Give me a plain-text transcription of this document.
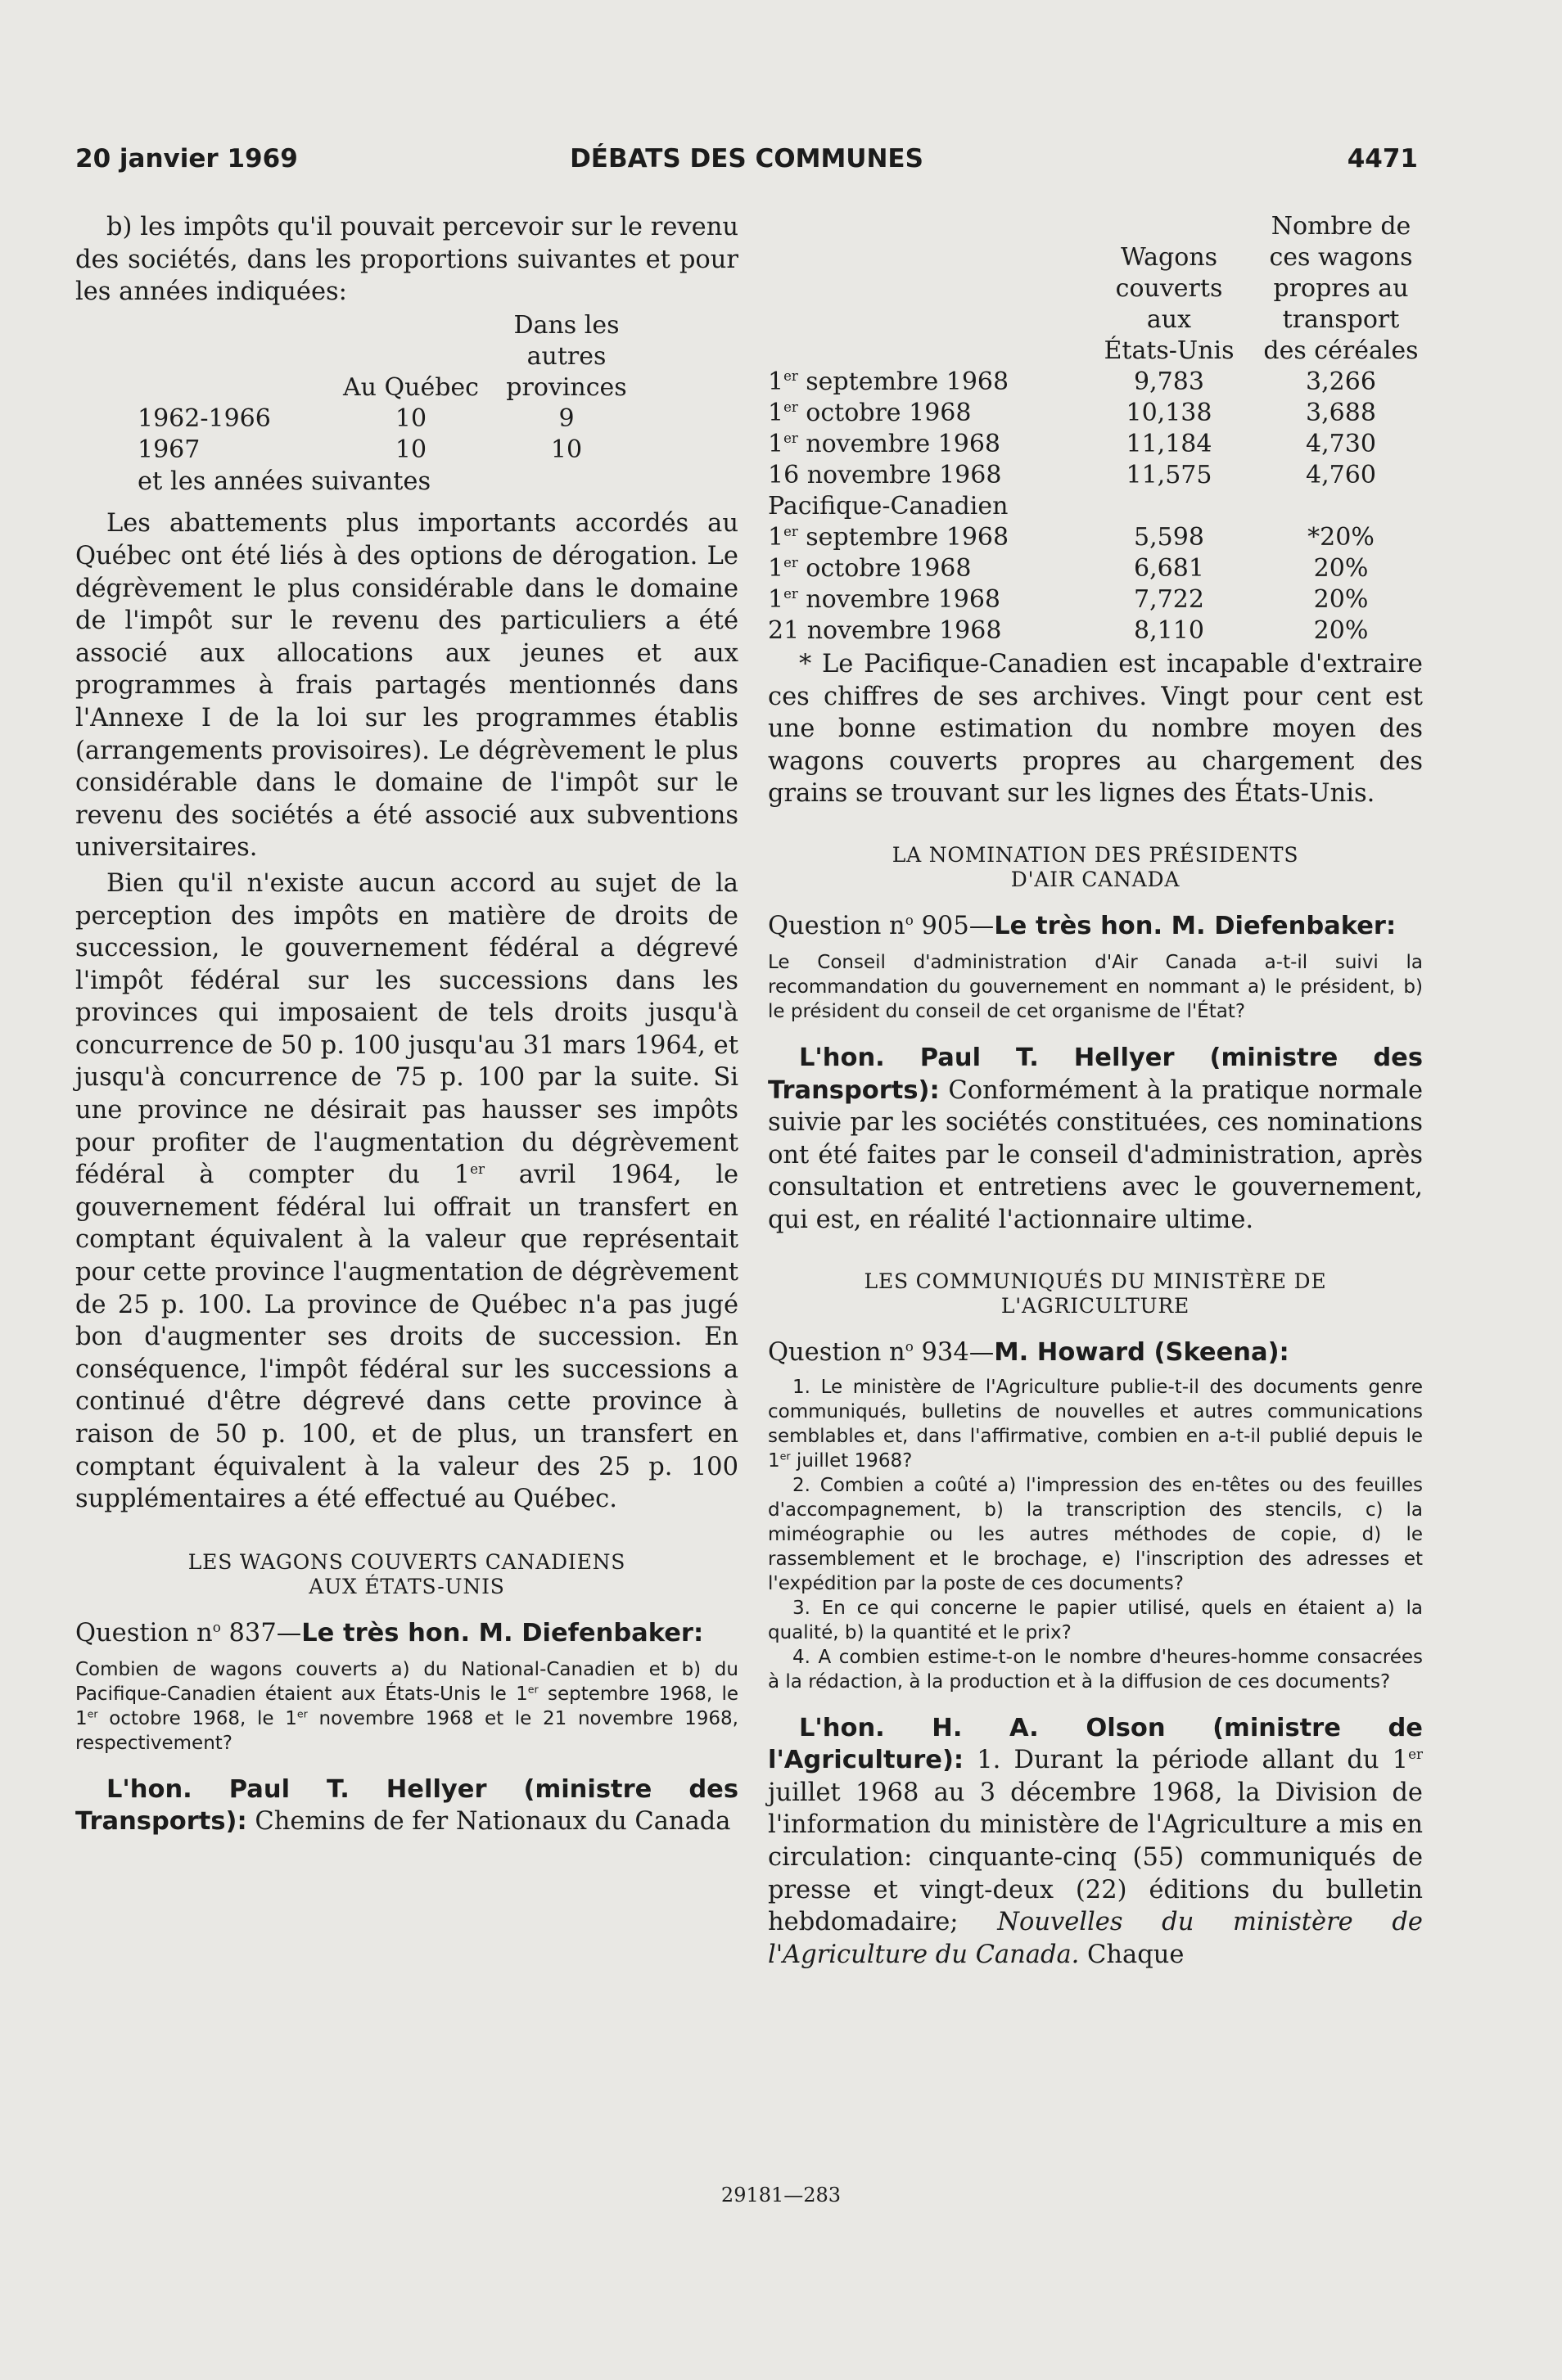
20 janvier 1969	DÉBATS DES COMMUNES	4471

b) les impôts qu'il pouvait percevoir sur le revenu des sociétés, dans les proportions suivantes et pour les années indiquées:

		Dans les
		autres
	Au Québec	provinces
1962-1966	10	9
1967	10	10

et les années suivantes

Les abattements plus importants accordés au Québec ont été liés à des options de dérogation. Le dégrèvement le plus considérable dans le domaine de l'impôt sur le revenu des particuliers a été associé aux allocations aux jeunes et aux programmes à frais partagés mentionnés dans l'Annexe I de la loi sur les programmes établis (arrangements provisoires). Le dégrèvement le plus considérable dans le domaine de l'impôt sur le revenu des sociétés a été associé aux subventions universitaires.

Bien qu'il n'existe aucun accord au sujet de la perception des impôts en matière de droits de succession, le gouvernement fédéral a dégrevé l'impôt fédéral sur les successions dans les provinces qui imposaient de tels droits jusqu'à concurrence de 50 p. 100 jusqu'au 31 mars 1964, et jusqu'à concurrence de 75 p. 100 par la suite. Si une province ne désirait pas hausser ses impôts pour profiter de l'augmentation du dégrèvement fédéral à compter du 1er avril 1964, le gouvernement fédéral lui offrait un transfert en comptant équivalent à la valeur que représentait pour cette province l'augmentation de dégrèvement de 25 p. 100. La province de Québec n'a pas jugé bon d'augmenter ses droits de succession. En conséquence, l'impôt fédéral sur les successions a continué d'être dégrevé dans cette province à raison de 50 p. 100, et de plus, un transfert en comptant équivalent à la valeur des 25 p. 100 supplémentaires a été effectué au Québec.

LES WAGONS COUVERTS CANADIENS

AUX ÉTATS-UNIS

Question $n^o$ 837—Le très hon. M. Diefenbaker:

Combien de wagons couverts a) du National-Canadien et b) du Pacifique-Canadien étaient aux États-Unis le 1er septembre 1968, le 1er octobre 1968, le 1er novembre 1968 et le 21 novembre 1968, respectivement?

L'hon. Paul T. Hellyer (ministre des Transports): Chemins de fer Nationaux du Canada

		Nombre de
	Wagons	ces wagons
	couverts	propres au
	aux	transport
	États-Unis	des céréales
1er septembre 1968	9,783	3,266
1er octobre 1968	10,138	3,688
1er novembre 1968	11,184	4,730
16 novembre 1968	11,575	4,760
Pacifique-Canadien		
1er septembre 1968	5,598	*20%
1er octobre 1968	6,681	20%
1er novembre 1968	7,722	20%
21 novembre 1968	8,110	20%

* Le Pacifique-Canadien est incapable d'extraire ces chiffres de ses archives. Vingt pour cent est une bonne estimation du nombre moyen des wagons couverts propres au chargement des grains se trouvant sur les lignes des États-Unis.

LA NOMINATION DES PRÉSIDENTS

D'AIR CANADA

Question $n^o$ 905—Le très hon. M. Diefenbaker:

Le Conseil d'administration d'Air Canada a-t-il suivi la recommandation du gouvernement en nommant a) le président, b) le président du conseil de cet organisme de l'État?

L'hon. Paul T. Hellyer (ministre des Transports): Conformément à la pratique normale suivie par les sociétés constituées, ces nominations ont été faites par le conseil d'administration, après consultation et entretiens avec le gouvernement, qui est, en réalité l'actionnaire ultime.

LES COMMUNIQUÉS DU MINISTÈRE DE

L'AGRICULTURE

Question $n^o$ 934—M. Howard (Skeena):

1. Le ministère de l'Agriculture publie-t-il des documents genre communiqués, bulletins de nouvelles et autres communications semblables et, dans l'affirmative, combien en a-t-il publié depuis le 1er juillet 1968?

2. Combien a coûté a) l'impression des en-têtes ou des feuilles d'accompagnement, b) la transcription des stencils, c) la miméographie ou les autres méthodes de copie, d) le rassemblement et le brochage, e) l'inscription des adresses et l'expédition par la poste de ces documents?

3. En ce qui concerne le papier utilisé, quels en étaient a) la qualité, b) la quantité et le prix?

4. A combien estime-t-on le nombre d'heures-homme consacrées à la rédaction, à la production et à la diffusion de ces documents?

L'hon. H. A. Olson (ministre de l'Agriculture): 1. Durant la période allant du 1er juillet 1968 au 3 décembre 1968, la Division de l'information du ministère de l'Agriculture a mis en circulation: cinquante-cinq (55) communiqués de presse et vingt-deux (22) éditions du bulletin hebdomadaire; Nouvelles du ministère de l'Agriculture du Canada. Chaque

29181—283
